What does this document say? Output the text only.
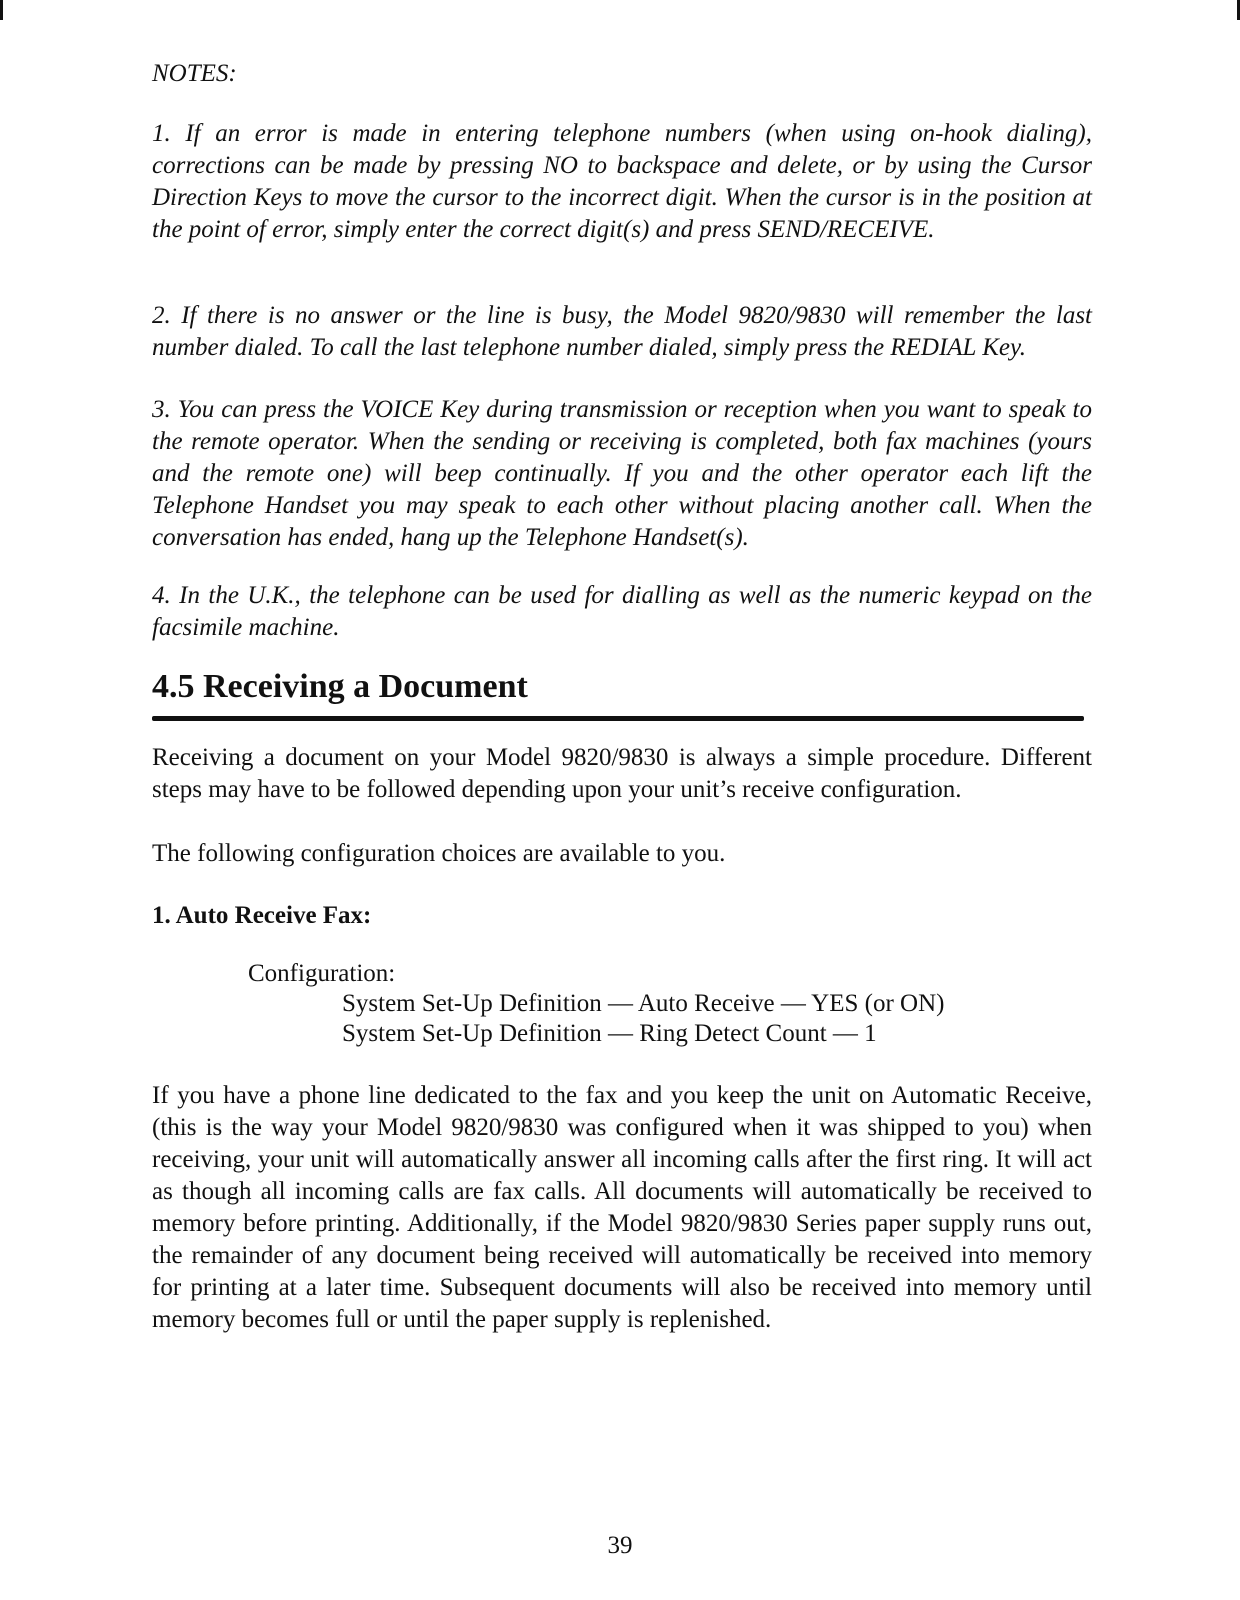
NOTES:
1. If an error is made in entering telephone numbers (when using on-hook dialing), corrections can be made by pressing NO to backspace and delete, or by using the Cursor Direction Keys to move the cursor to the incorrect digit. When the cursor is in the position at the point of error, simply enter the correct digit(s) and press SEND/RECEIVE.
2. If there is no answer or the line is busy, the Model 9820/9830 will remember the last number dialed. To call the last telephone number dialed, simply press the REDIAL Key.
3. You can press the VOICE Key during transmission or reception when you want to speak to the remote operator. When the sending or receiving is completed, both fax machines (yours and the remote one) will beep continually. If you and the other operator each lift the Telephone Handset you may speak to each other without placing another call. When the conversation has ended, hang up the Telephone Handset(s).
4. In the U.K., the telephone can be used for dialling as well as the numeric keypad on the facsimile machine.
4.5 Receiving a Document
Receiving a document on your Model 9820/9830 is always a simple procedure. Different steps may have to be followed depending upon your unit’s receive configuration.
The following configuration choices are available to you.
1. Auto Receive Fax:
Configuration:
System Set-Up Definition — Auto Receive — YES (or ON)
System Set-Up Definition — Ring Detect Count — 1
If you have a phone line dedicated to the fax and you keep the unit on Automatic Receive, (this is the way your Model 9820/9830 was configured when it was shipped to you) when receiving, your unit will automatically answer all incoming calls after the first ring. It will act as though all incoming calls are fax calls. All documents will automatically be received to memory before printing. Additionally, if the Model 9820/9830 Series paper supply runs out, the remainder of any document being received will automatically be received into memory for printing at a later time. Subsequent documents will also be received into memory until memory becomes full or until the paper supply is replenished.
39
